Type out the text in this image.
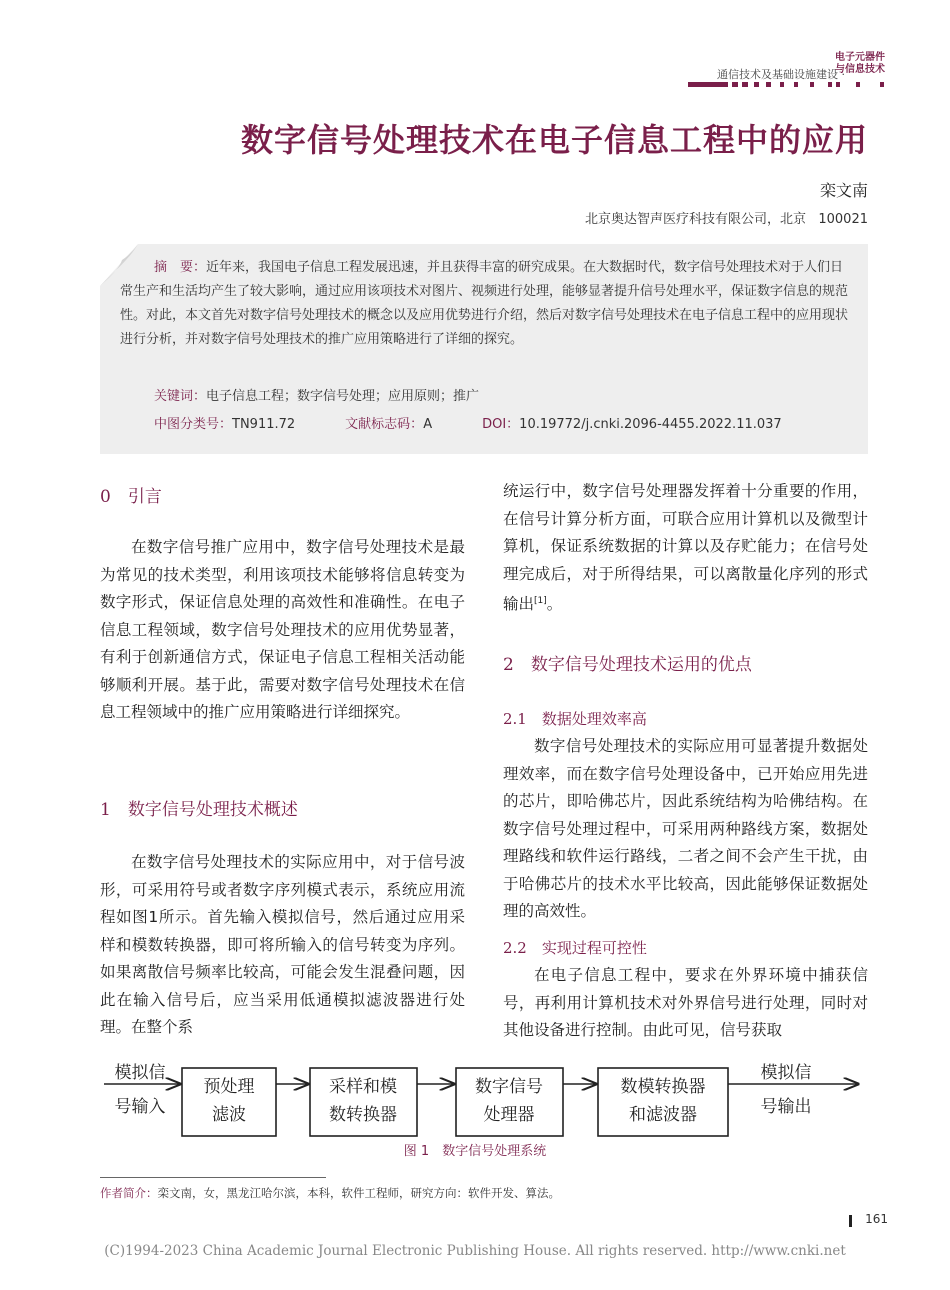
电子元器件
与信息技术
通信技术及基础设施建设 ·
数字信号处理技术在电子信息工程中的应用
栾文南
北京奥达智声医疗科技有限公司，北京   100021

摘　要：近年来，我国电子信息工程发展迅速，并且获得丰富的研究成果。在大数据时代，数字信号处理技术对于人们日常生产和生活均产生了较大影响，通过应用该项技术对图片、视频进行处理，能够显著提升信号处理水平，保证数字信息的规范性。对此，本文首先对数字信号处理技术的概念以及应用优势进行介绍，然后对数字信号处理技术在电子信息工程中的应用现状进行分析，并对数字信号处理技术的推广应用策略进行了详细的探究。

关键词：电子信息工程；数字信号处理；应用原则；推广
中图分类号：TN911.72	文献标志码：A	DOI：10.19772/j.cnki.2096-4455.2022.11.037
0　引言

在数字信号推广应用中，数字信号处理技术是最为常见的技术类型，利用该项技术能够将信息转变为数字形式，保证信息处理的高效性和准确性。在电子信息工程领域，数字信号处理技术的应用优势显著，有利于创新通信方式，保证电子信息工程相关活动能够顺利开展。基于此，需要对数字信号处理技术在信息工程领域中的推广应用策略进行详细探究。

1　数字信号处理技术概述

在数字信号处理技术的实际应用中，对于信号波形，可采用符号或者数字序列模式表示，系统应用流程如图1所示。首先输入模拟信号，然后通过应用采样和模数转换器，即可将所输入的信号转变为序列。如果离散信号频率比较高，可能会发生混叠问题，因此在输入信号后，应当采用低通模拟滤波器进行处理。在整个系

统运行中，数字信号处理器发挥着十分重要的作用，在信号计算分析方面，可联合应用计算机以及微型计算机，保证系统数据的计算以及存贮能力；在信号处理完成后，对于所得结果，可以离散量化序列的形式输出[1]。

2　数字信号处理技术运用的优点
2.1　数据处理效率高

数字信号处理技术的实际应用可显著提升数据处理效率，而在数字信号处理设备中，已开始应用先进的芯片，即哈佛芯片，因此系统结构为哈佛结构。在数字信号处理过程中，可采用两种路线方案，数据处理路线和软件运行路线，二者之间不会产生干扰，由于哈佛芯片的技术水平比较高，因此能够保证数据处理的高效性。

2.2　实现过程可控性

在电子信息工程中，要求在外界环境中捕获信号，再利用计算机技术对外界信号进行处理，同时对其他设备进行控制。由此可见，信号获取

模拟信
号输入
预处理
滤波
采样和模
数转换器
数字信号
处理器
数模转换器
和滤波器
模拟信
号输出
图 1　数字信号处理系统
作者简介：栾文南，女，黑龙江哈尔滨，本科，软件工程师，研究方向：软件开发、算法。
161
(C)1994-2023 China Academic Journal Electronic Publishing House. All rights reserved. http://www.cnki.net
